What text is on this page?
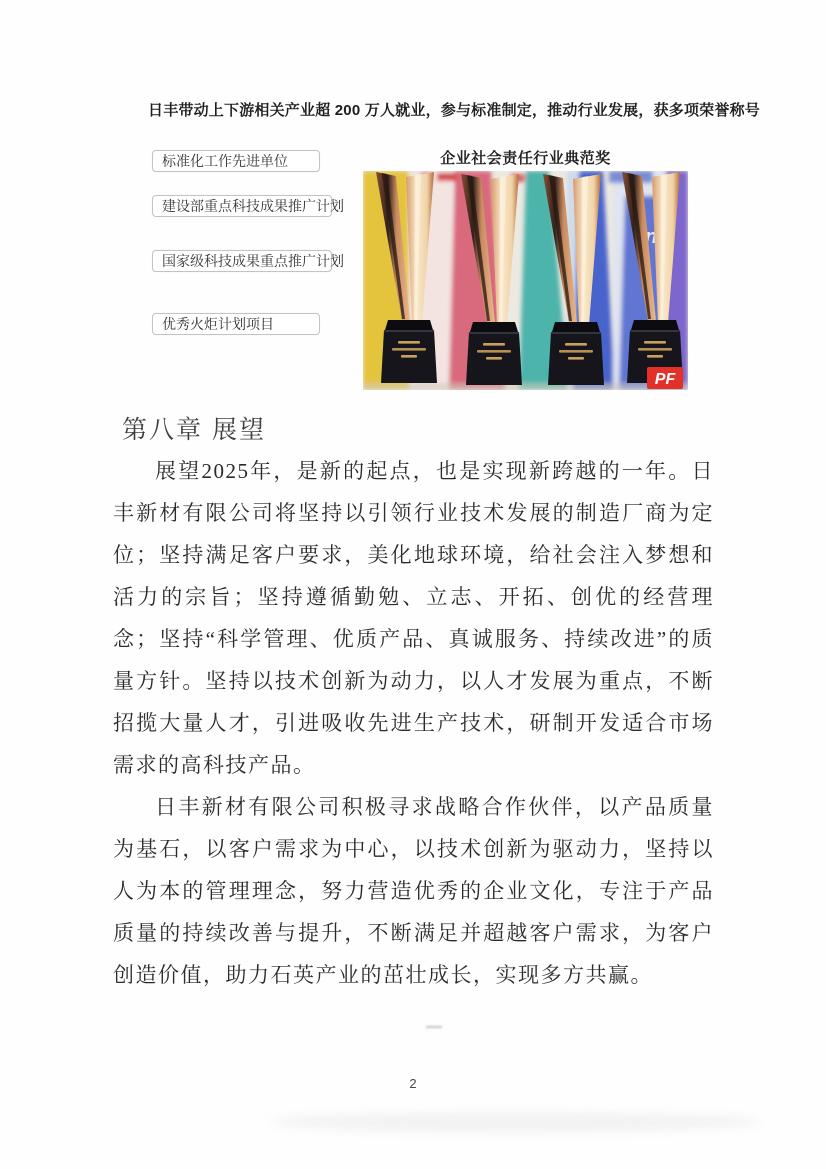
日丰带动上下游相关产业超 200 万人就业，参与标准制定，推动行业发展，获多项荣誉称号
标准化工作先进单位
建设部重点科技成果推广计划
国家级科技成果重点推广计划
优秀火炬计划项目
企业社会责任行业典范奖
PF
第八章 展望

展望2025年，是新的起点，也是实现新跨越的一年。日丰新材有限公司将坚持以引领行业技术发展的制造厂商为定位；坚持满足客户要求，美化地球环境，给社会注入梦想和活力的宗旨；坚持遵循勤勉、立志、开拓、创优的经营理念；坚持“科学管理、优质产品、真诚服务、持续改进”的质量方针。坚持以技术创新为动力，以人才发展为重点，不断招揽大量人才，引进吸收先进生产技术，研制开发适合市场需求的高科技产品。

日丰新材有限公司积极寻求战略合作伙伴，以产品质量为基石，以客户需求为中心，以技术创新为驱动力，坚持以人为本的管理理念，努力营造优秀的企业文化，专注于产品质量的持续改善与提升，不断满足并超越客户需求，为客户创造价值，助力石英产业的茁壮成长，实现多方共赢。

2
